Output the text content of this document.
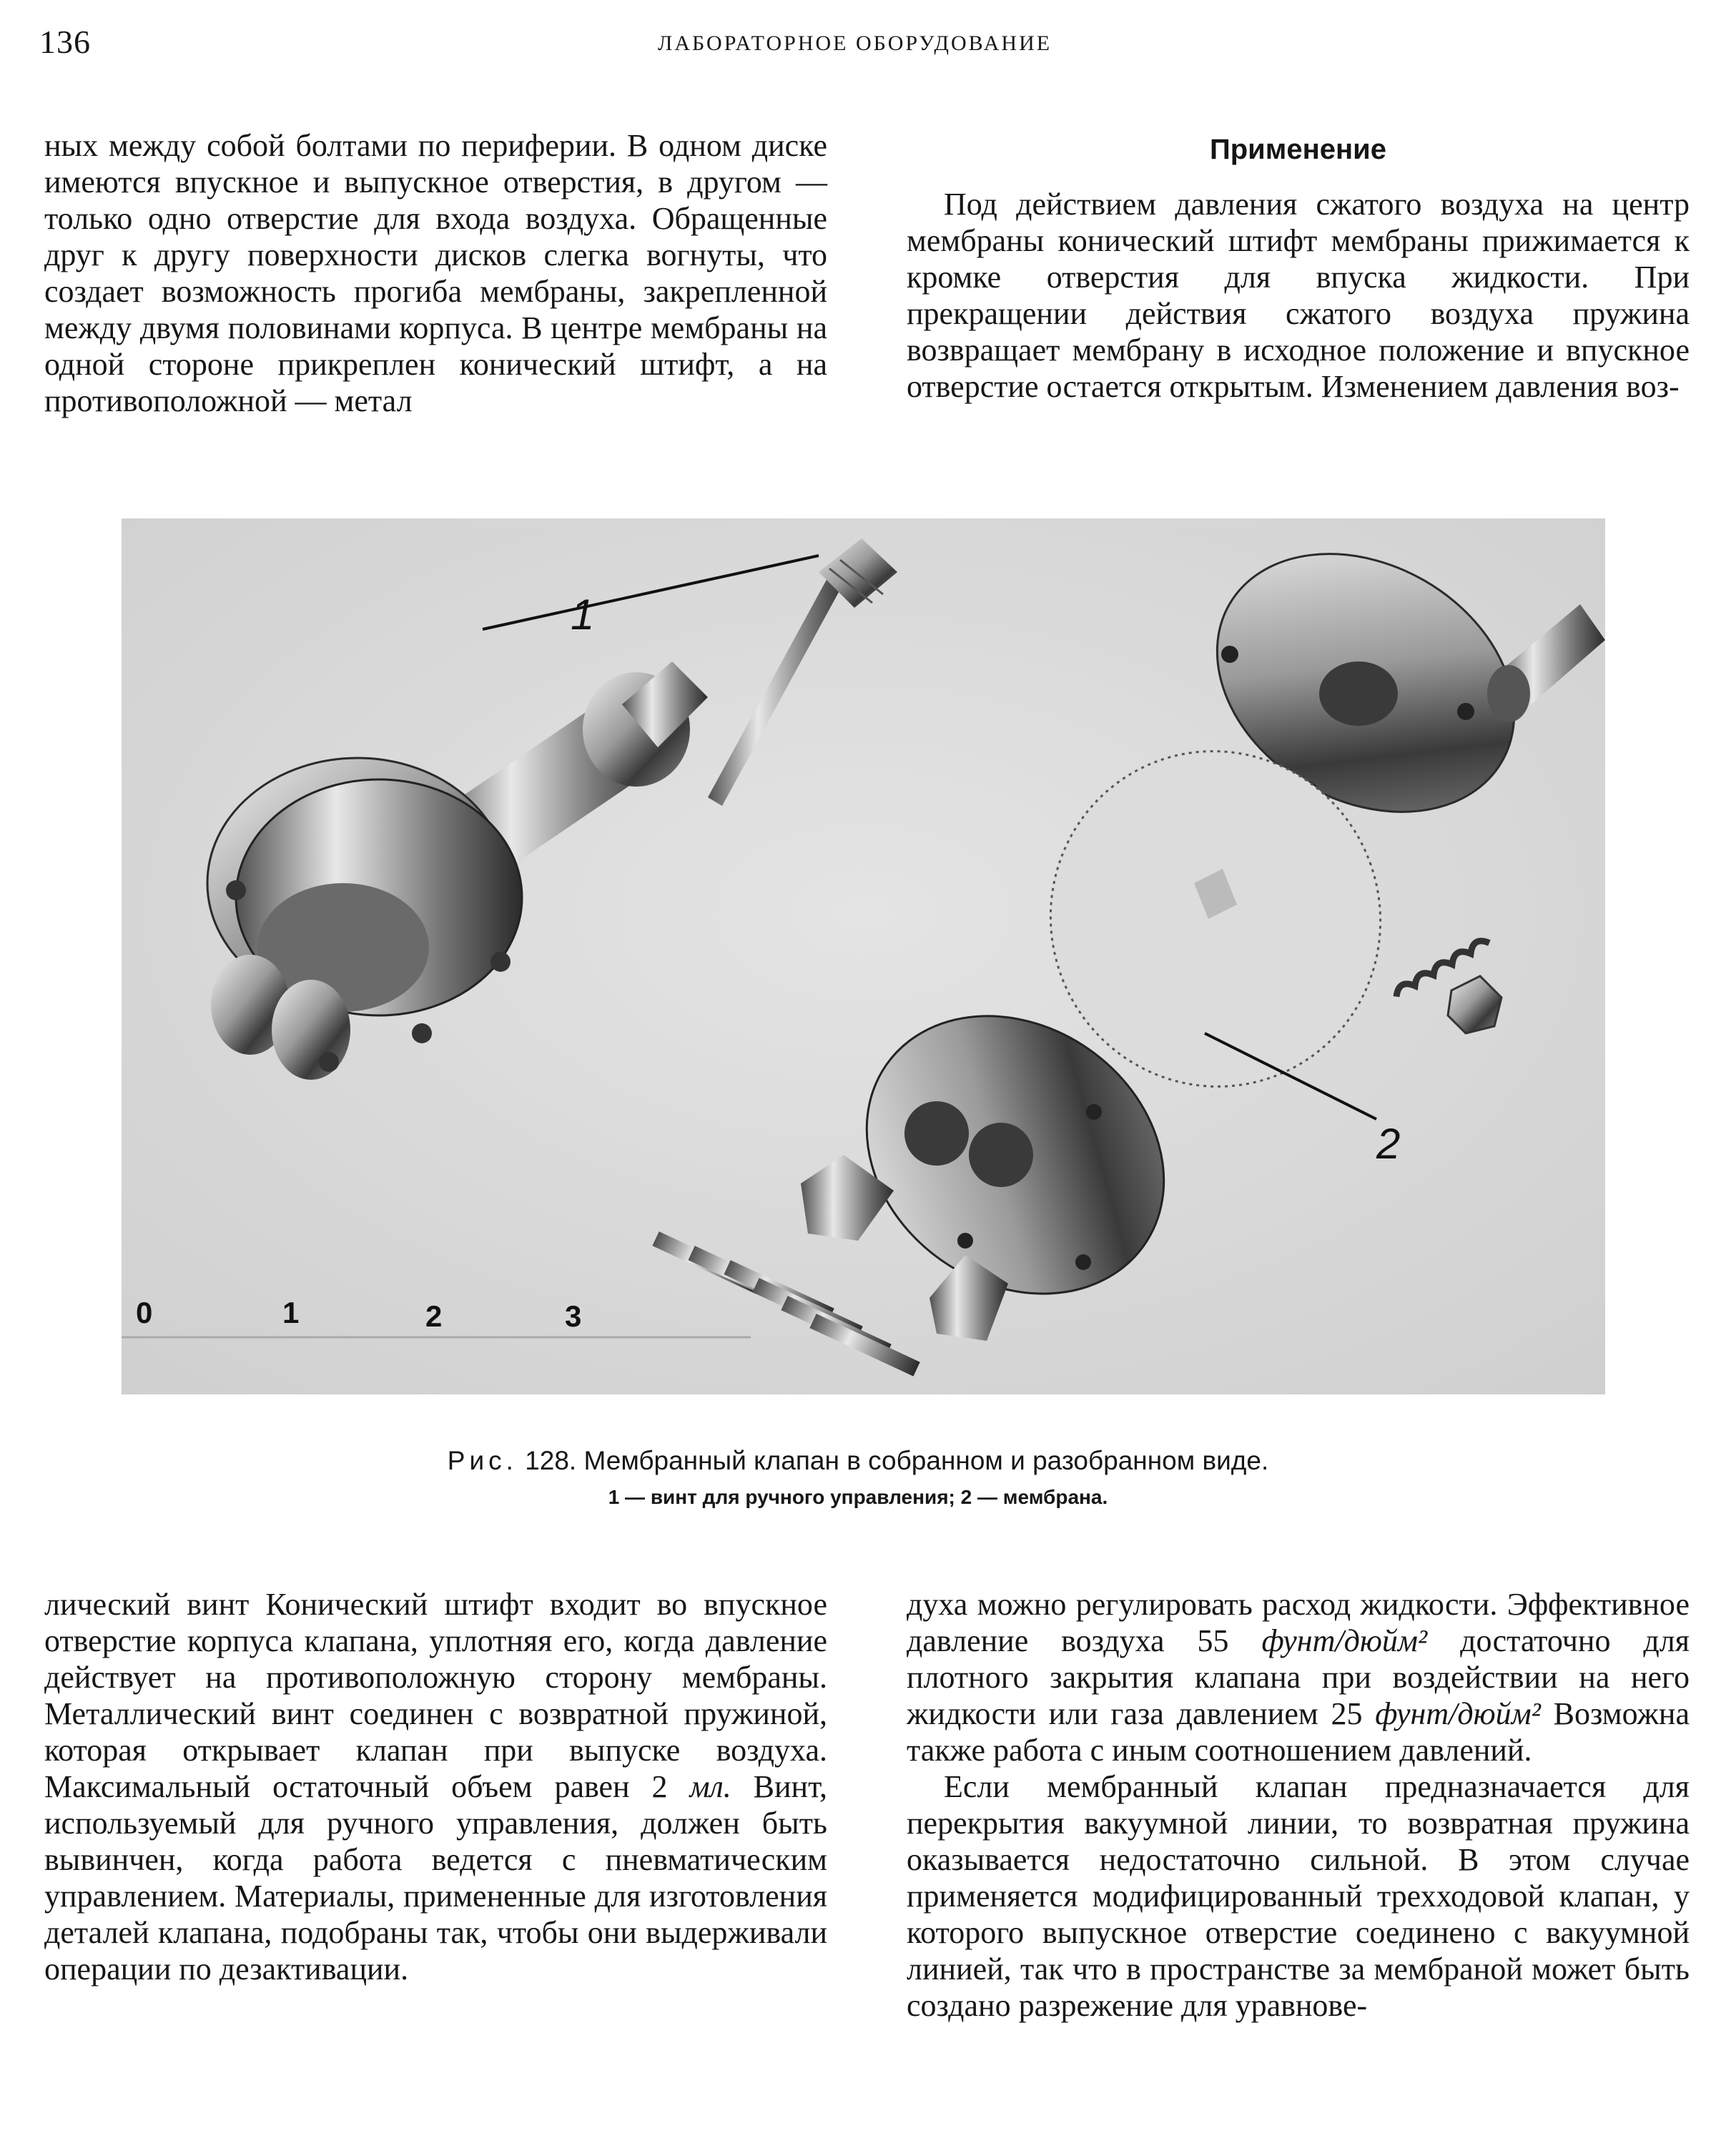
136	ЛАБОРАТОРНОЕ ОБОРУДОВАНИЕ

ных между собой болтами по периферии. В одном диске имеются впускное и выпускное отверстия, в другом — только одно отверстие для входа воздуха. Обращенные друг к другу поверхности дисков слегка вогнуты, что создает возможность прогиба мембраны, закрепленной между двумя половинами корпуса. В центре мембраны на одной стороне прикреплен конический штифт, а на противоположной — метал

Применение

Под действием давления сжатого воздуха на центр мембраны конический штифт мембраны прижимается к кромке отверстия для впуска жидкости. При прекращении действия сжатого воздуха пружина возвращает мембрану в исходное положение и впускное отверстие остается открытым. Изменением давления воз-

1
2
0	1	2	3
Рис. 128. Мембранный клапан в собранном и разобранном виде.
1 — винт для ручного управления; 2 — мембрана.

лический винт Конический штифт входит во впускное отверстие корпуса клапана, уплотняя его, когда давление действует на противоположную сторону мембраны. Металлический винт соединен с возвратной пружиной, которая открывает клапан при выпуске воздуха. Максимальный остаточный объем равен 2 мл. Винт, используемый для ручного управления, должен быть вывинчен, когда работа ведется с пневматическим управлением. Материалы, примененные для изготовления деталей клапана, подобраны так, чтобы они выдерживали операции по дезактивации.

духа можно регулировать расход жидкости. Эффективное давление воздуха 55 фунт/дюйм² достаточно для плотного закрытия клапана при воздействии на него жидкости или газа давлением 25 фунт/дюйм² Возможна также работа с иным соотношением давлений.

Если мембранный клапан предназначается для перекрытия вакуумной линии, то возвратная пружина оказывается недостаточно сильной. В этом случае применяется модифицированный трехходовой клапан, у которого выпускное отверстие соединено с вакуумной линией, так что в пространстве за мембраной может быть создано разрежение для уравнове-
